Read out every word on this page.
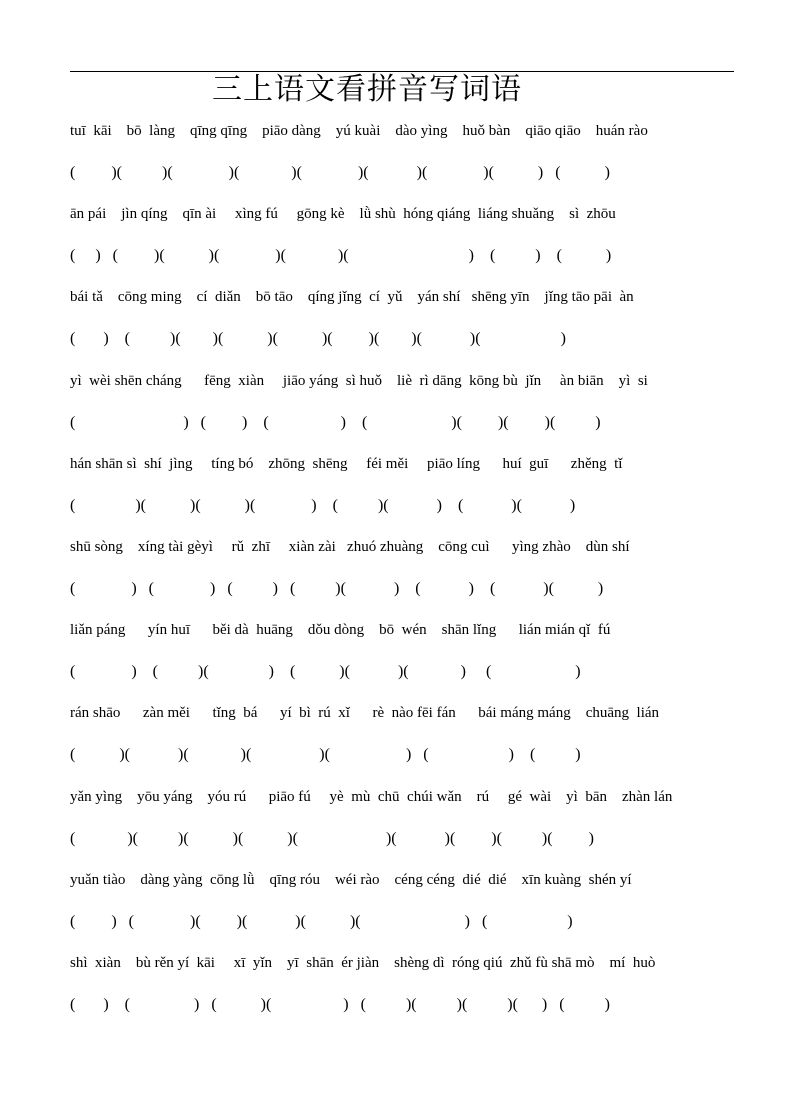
三上语文看拼音写词语
tuī  kāi    bō  làng    qīng qīng    piāo dàng    yú kuài    dào yìng    huǒ bàn    qiāo qiāo    huán rào
(         )(          )(              )(             )(              )(            )(              )(           )   (           )
ān pái    jìn qíng    qīn ài     xìng fú     gōng kè    lǜ shù  hóng qiáng  liáng shuǎng    sì  zhōu
(     )   (         )(           )(              )(             )(                              )    (          )    (           )
bái tǎ    cōng ming    cí  diǎn    bō tāo    qíng jǐng  cí  yǔ    yán shí   shēng yīn    jǐng tāo pāi  àn
(       )    (          )(        )(           )(           )(         )(        )(            )(                    )
yì  wèi shēn cháng      fēng  xiàn     jiāo yáng  sì huǒ    liè  rì dāng  kōng bù  jǐn     àn biān    yì  si
(                           )   (         )    (                  )    (                     )(         )(         )(          )
hán shān sì  shí  jìng     tíng bó    zhōng  shēng     féi měi     piāo líng      huí  guī      zhěng  tǐ
(               )(           )(           )(              )    (          )(            )    (            )(            )
shū sòng    xíng tài gèyì     rǔ  zhī     xiàn zài   zhuó zhuàng    cōng cuì      yìng zhào    dùn shí
(              )   (              )   (          )   (          )(            )    (            )    (            )(           )
liǎn páng      yín huī      běi dà  huāng    dǒu dòng    bō  wén    shān lǐng      lián mián qǐ  fú
(              )    (          )(               )    (           )(            )(             )     (                     )
rán shāo      zàn měi      tǐng  bá      yí  bì  rú  xǐ      rè  nào fēi fán      bái máng máng    chuāng  lián
(           )(            )(             )(                 )(                   )   (                    )    (          )
yǎn yìng    yōu yáng    yóu rú      piāo fú     yè  mù  chū  chúi wǎn    rú     gé  wài    yì  bān    zhàn lán
(             )(          )(           )(           )(                      )(            )(         )(          )(         )
yuǎn tiào    dàng yàng  cōng lǜ    qīng róu    wéi rào    céng céng  dié  dié    xīn kuàng  shén yí
(         )   (              )(         )(            )(           )(                          )   (                    )
shì  xiàn    bù rěn yí  kāi     xī  yǐn    yī  shān  ér jiàn    shèng dì  róng qiú  zhǔ fù shā mò    mí  huò
(       )    (                )   (           )(                  )   (          )(          )(          )(      )   (          )
